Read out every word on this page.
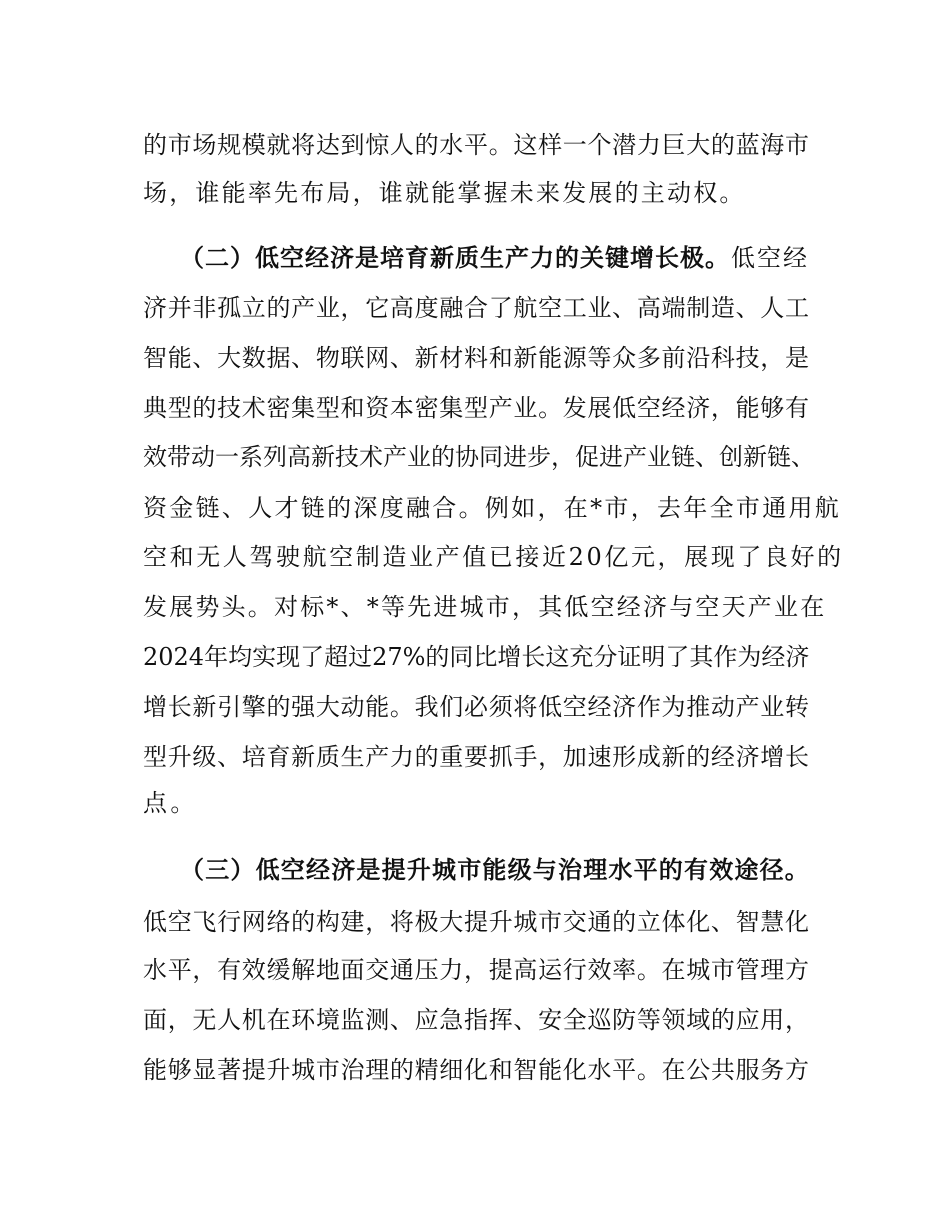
的市场规模就将达到惊人的水平。这样一个潜力巨大的蓝海市
场，谁能率先布局，谁就能掌握未来发展的主动权。
（二）低空经济是培育新质生产力的关键增长极。 低空经
济并非孤立的产业，它高度融合了航空工业、高端制造、人工
智能、大数据、物联网、新材料和新能源等众多前沿科技，是
典型的技术密集型和资本密集型产业。发展低空经济，能够有
效带动一系列高新技术产业的协同进步，促进产业链、创新链、
资金链、人才链的深度融合。例如，在*市，去年全市通用航
空和无人驾驶航空制造业产值已接近20亿元，展现了良好的
发展势头。对标*、*等先进城市，其低空经济与空天产业在
2024年均实现了超过27%的同比增长这充分证明了其作为经济
增长新引擎的强大动能。我们必须将低空经济作为推动产业转
型升级、培育新质生产力的重要抓手，加速形成新的经济增长
点。
（三）低空经济是提升城市能级与治理水平的有效途径。
低空飞行网络的构建，将极大提升城市交通的立体化、智慧化
水平，有效缓解地面交通压力，提高运行效率。在城市管理方
面，无人机在环境监测、应急指挥、安全巡防等领域的应用，
能够显著提升城市治理的精细化和智能化水平。在公共服务方
